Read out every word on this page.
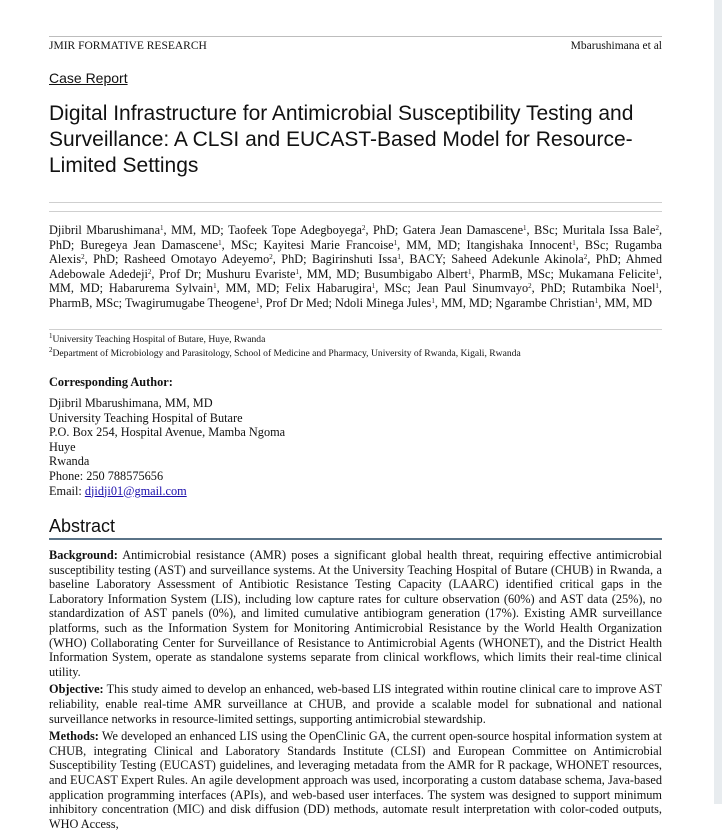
JMIR FORMATIVE RESEARCH	Mbarushimana et al
Case Report
Digital Infrastructure for Antimicrobial Susceptibility Testing and Surveillance: A CLSI and EUCAST-Based Model for Resource-Limited Settings

Djibril Mbarushimana$^1$, MM, MD; Taofeek Tope Adegboyega$^2$, PhD; Gatera Jean Damascene$^1$, BSc; Muritala Issa Bale$^2$, PhD; Buregeya Jean Damascene$^1$, MSc; Kayitesi Marie Francoise$^1$, MM, MD; Itangishaka Innocent$^1$, BSc; Rugamba Alexis$^2$, PhD; Rasheed Omotayo Adeyemo$^2$, PhD; Bagirinshuti Issa$^1$, BACY; Saheed Adekunle Akinola$^2$, PhD; Ahmed Adebowale Adedeji$^2$, Prof Dr; Mushuru Evariste$^1$, MM, MD; Busumbigabo Albert$^1$, PharmB, MSc; Mukamana Felicite$^1$, MM, MD; Habaruremа Sylvain$^1$, MM, MD; Felix Habarugira$^1$, MSc; Jean Paul Sinumvayo$^2$, PhD; Rutambika Noel$^1$, PharmB, MSc; Twagirumugabe Theogene$^1$, Prof Dr Med; Ndoli Minega Jules$^1$, MM, MD; Ngarambe Christian$^1$, MM, MD

$^1$University Teaching Hospital of Butare, Huye, Rwanda
$^2$Department of Microbiology and Parasitology, School of Medicine and Pharmacy, University of Rwanda, Kigali, Rwanda
Corresponding Author:
Djibril Mbarushimana, MM, MD
University Teaching Hospital of Butare
P.O. Box 254, Hospital Avenue, Mamba Ngoma
Huye
Rwanda
Phone: 250 788575656
Email: djidji01@gmail.com
Abstract

Background: Antimicrobial resistance (AMR) poses a significant global health threat, requiring effective antimicrobial susceptibility testing (AST) and surveillance systems. At the University Teaching Hospital of Butare (CHUB) in Rwanda, a baseline Laboratory Assessment of Antibiotic Resistance Testing Capacity (LAARC) identified critical gaps in the Laboratory Information System (LIS), including low capture rates for culture observation (60%) and AST data (25%), no standardization of AST panels (0%), and limited cumulative antibiogram generation (17%). Existing AMR surveillance platforms, such as the Information System for Monitoring Antimicrobial Resistance by the World Health Organization (WHO) Collaborating Center for Surveillance of Resistance to Antimicrobial Agents (WHONET), and the District Health Information System, operate as standalone systems separate from clinical workflows, which limits their real-time clinical utility.

Objective: This study aimed to develop an enhanced, web-based LIS integrated within routine clinical care to improve AST reliability, enable real-time AMR surveillance at CHUB, and provide a scalable model for subnational and national surveillance networks in resource-limited settings, supporting antimicrobial stewardship.

Methods: We developed an enhanced LIS using the OpenClinic GA, the current open-source hospital information system at CHUB, integrating Clinical and Laboratory Standards Institute (CLSI) and European Committee on Antimicrobial Susceptibility Testing (EUCAST) guidelines, and leveraging metadata from the AMR for R package, WHONET resources, and EUCAST Expert Rules. An agile development approach was used, incorporating a custom database schema, Java-based application programming interfaces (APIs), and web-based user interfaces. The system was designed to support minimum inhibitory concentration (MIC) and disk diffusion (DD) methods, automate result interpretation with color-coded outputs, WHO Access,
